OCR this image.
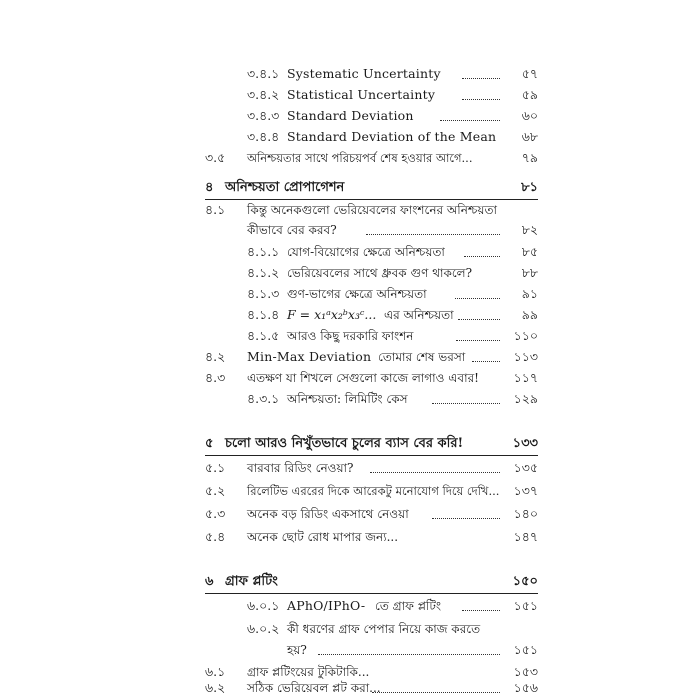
৩.৪.১ Systematic Uncertainty	৫৭
৩.৪.২ Statistical Uncertainty	৫৯
৩.৪.৩ Standard Deviation	৬০
৩.৪.৪ Standard Deviation of the Mean ৬৮
৩.৫ অনিশ্চয়তার সাথে পরিচয়পর্ব শেষ হওয়ার আগে...	৭৯
৪ অনিশ্চয়তা প্রোপাগেশন	৮১
৪.১ কিন্তু অনেকগুলো ভেরিয়েবলের ফাংশনের অনিশ্চয়তা
কীভাবে বের করব?	৮২
৪.১.১ যোগ-বিয়োগের ক্ষেত্রে অনিশ্চয়তা	৮৫
৪.১.২ ভেরিয়েবলের সাথে ধ্রুবক গুণ থাকলে?	৮৮
৪.১.৩ গুণ-ভাগের ক্ষেত্রে অনিশ্চয়তা	৯১
৪.১.৪ F = x₁ᵃx₂ᵇx₃ᶜ... এর অনিশ্চয়তা	৯৯
৪.১.৫ আরও কিছু দরকারি ফাংশন	১১০
৪.২ Min-Max Deviation তোমার শেষ ভরসা	১১৩
৪.৩ এতক্ষণ যা শিখলে সেগুলো কাজে লাগাও এবার!	১১৭
৪.৩.১ অনিশ্চয়তা: লিমিটিং কেস	১২৯
৫ চলো আরও নিখুঁতভাবে চুলের ব্যাস বের করি!	১৩৩
৫.১ বারবার রিডিং নেওয়া?	১৩৫
৫.২ রিলেটিভ এররের দিকে আরেকটু মনোযোগ দিয়ে দেখি... ১৩৭
৫.৩ অনেক বড় রিডিং একসাথে নেওয়া	১৪০
৫.৪ অনেক ছোট রোধ মাপার জন্য...	১৪৭
৬ গ্রাফ প্লটিং	১৫০
৬.০.১ APhO/IPhO- তে গ্রাফ প্লটিং	১৫১
৬.০.২ কী ধরণের গ্রাফ পেপার নিয়ে কাজ করতে
হয়?	১৫১
৬.১ গ্রাফ প্লটিংয়ের টুকিটাকি...	১৫৩
৬.২ সঠিক ভেরিয়েবল প্লট করা...	১৫৬
